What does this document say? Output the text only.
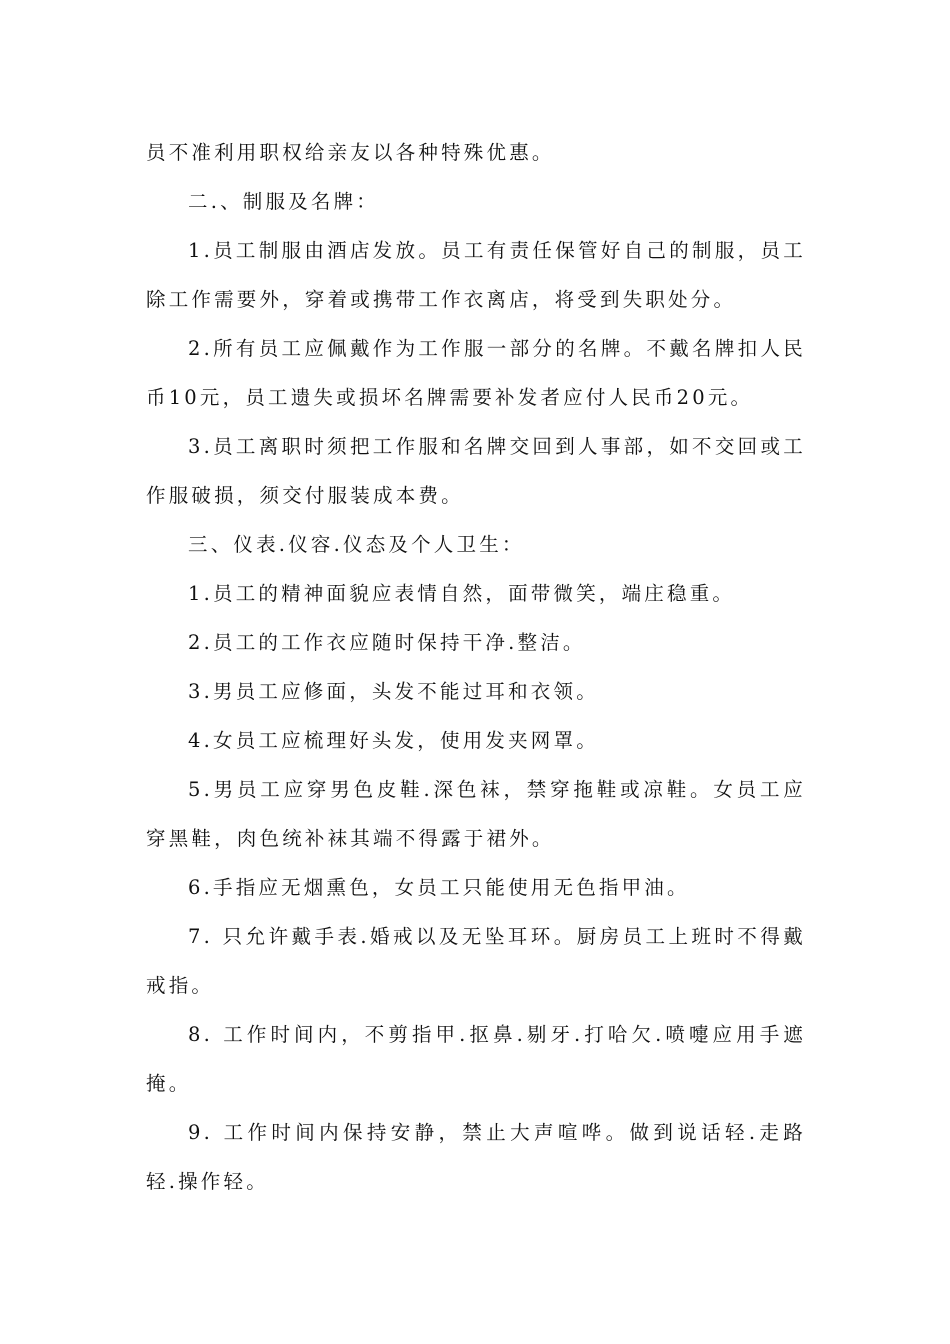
员不准利用职权给亲友以各种特殊优惠。

二.、制服及名牌：

1.员工制服由酒店发放。员工有责任保管好自己的制服，员工除工作需要外，穿着或携带工作衣离店，将受到失职处分。

2.所有员工应佩戴作为工作服一部分的名牌。不戴名牌扣人民币10元，员工遗失或损坏名牌需要补发者应付人民币20元。

3.员工离职时须把工作服和名牌交回到人事部，如不交回或工作服破损，须交付服装成本费。

三、仪表.仪容.仪态及个人卫生：

1.员工的精神面貌应表情自然，面带微笑，端庄稳重。

2.员工的工作衣应随时保持干净.整洁。

3.男员工应修面，头发不能过耳和衣领。

4.女员工应梳理好头发，使用发夹网罩。

5.男员工应穿男色皮鞋.深色袜，禁穿拖鞋或凉鞋。女员工应穿黑鞋，肉色统补袜其端不得露于裙外。

6.手指应无烟熏色，女员工只能使用无色指甲油。

7. 只允许戴手表.婚戒以及无坠耳环。厨房员工上班时不得戴戒指。

8. 工作时间内，不剪指甲.抠鼻.剔牙.打哈欠.喷嚏应用手遮掩。

9. 工作时间内保持安静，禁止大声喧哗。做到说话轻.走路轻.操作轻。
